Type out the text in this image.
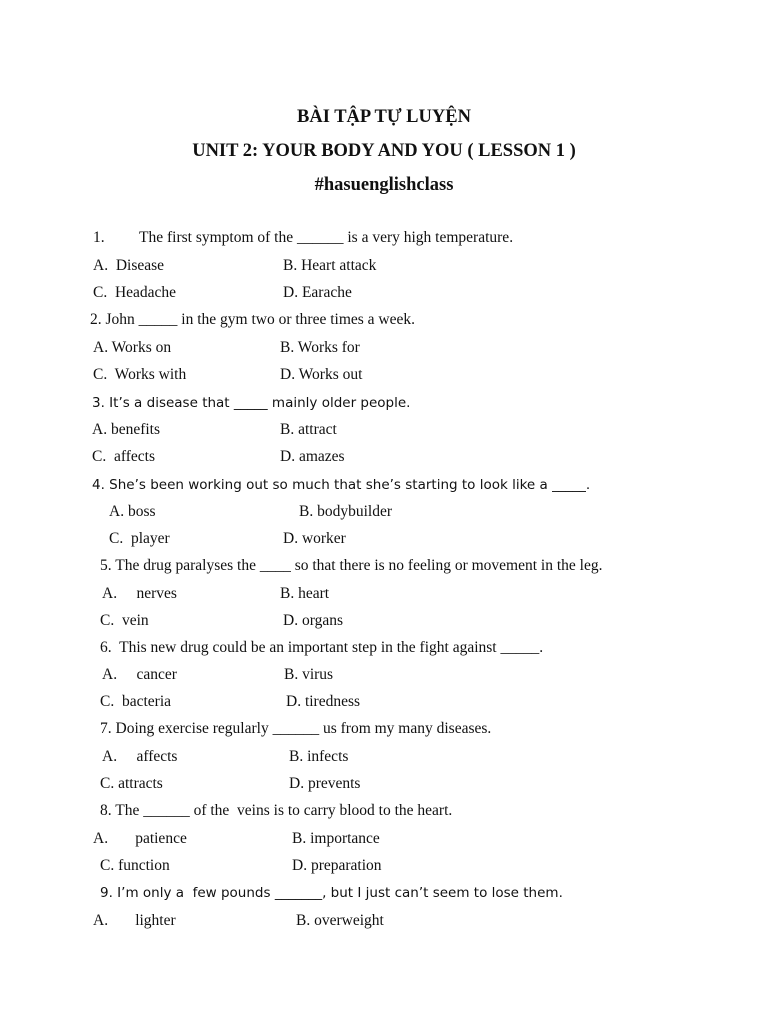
BÀI TẬP TỰ LUYỆN
UNIT 2: YOUR BODY AND YOU ( LESSON 1 )
#hasuenglishclass
1. The first symptom of the ______ is a very high temperature.
A.  Disease	B. Heart attack
C.  Headache	D. Earache
2. John _____ in the gym two or three times a week.
A. Works on	B. Works for
C.  Works with	D. Works out
3. It’s a disease that _____ mainly older people.
A. benefits	B. attract
C.  affects	D. amazes
4. She’s been working out so much that she’s starting to look like a _____.
A. boss	B. bodybuilder
C.  player	D. worker
5. The drug paralyses the ____ so that there is no feeling or movement in the leg.
A.     nerves	B. heart
C.  vein	D. organs
6.  This new drug could be an important step in the fight against _____.
A.     cancer	B. virus
C.  bacteria	D. tiredness
7. Doing exercise regularly ______ us from my many diseases.
A.     affects	B. infects
C. attracts	D. prevents
8. The ______ of the  veins is to carry blood to the heart.
A.       patience	B. importance
C. function	D. preparation
9. I’m only a  few pounds _______, but I just can’t seem to lose them.
A.       lighter	B. overweight
